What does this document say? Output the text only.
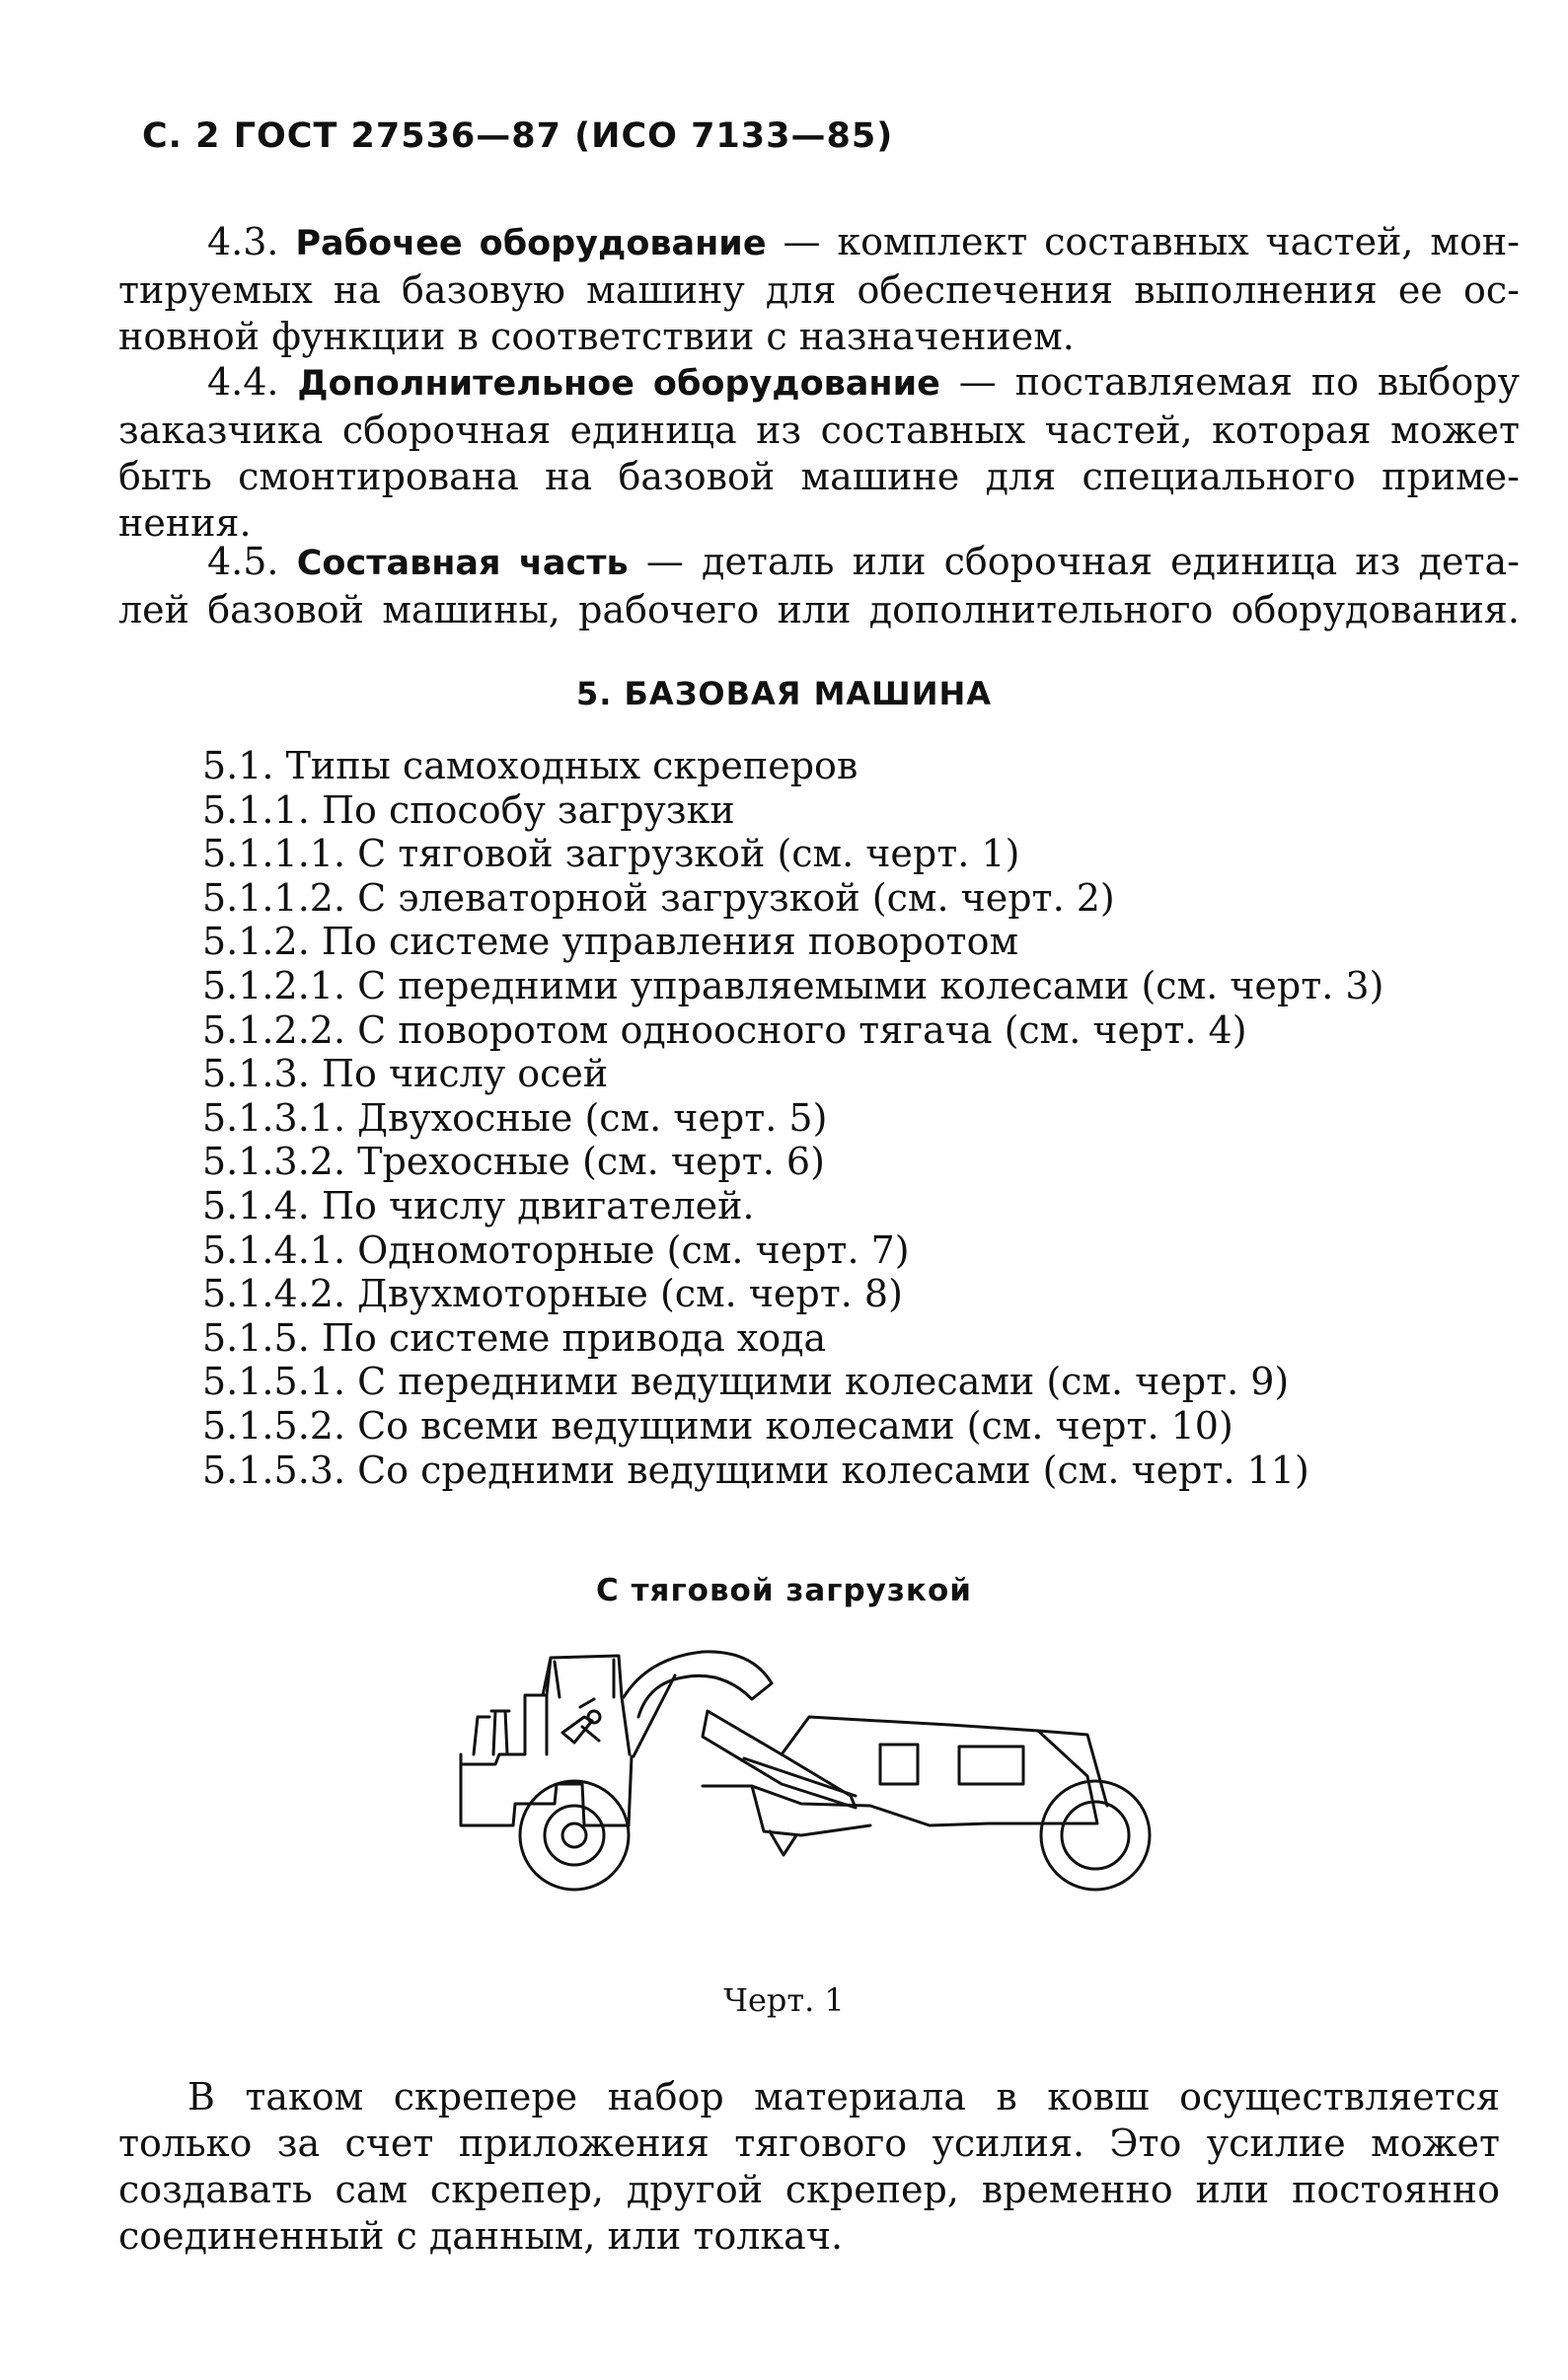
С. 2 ГОСТ 27536—87 (ИСО 7133—85)
4.3. Рабочее оборудование — комплект составных частей, мон-
тируемых на базовую машину для обеспечения выполнения ее ос-
новной функции в соответствии с назначением.
4.4. Дополнительное оборудование — поставляемая по выбору
заказчика сборочная единица из составных частей, которая может
быть смонтирована на базовой машине для специального приме-
нения.
4.5. Составная часть — деталь или сборочная единица из дета-
лей базовой машины, рабочего или дополнительного оборудования.
5. БАЗОВАЯ МАШИНА
5.1. Типы самоходных скреперов
5.1.1. По способу загрузки
5.1.1.1. С тяговой загрузкой (см. черт. 1)
5.1.1.2. С элеваторной загрузкой (см. черт. 2)
5.1.2. По системе управления поворотом
5.1.2.1. С передними управляемыми колесами (см. черт. 3)
5.1.2.2. С поворотом одноосного тягача (см. черт. 4)
5.1.3. По числу осей
5.1.3.1. Двухосные (см. черт. 5)
5.1.3.2. Трехосные (см. черт. 6)
5.1.4. По числу двигателей.
5.1.4.1. Одномоторные (см. черт. 7)
5.1.4.2. Двухмоторные (см. черт. 8)
5.1.5. По системе привода хода
5.1.5.1. С передними ведущими колесами (см. черт. 9)
5.1.5.2. Со всеми ведущими колесами (см. черт. 10)
5.1.5.3. Со средними ведущими колесами (см. черт. 11)
С тяговой загрузкой
Черт. 1
В таком скрепере набор материала в ковш осуществляется
только за счет приложения тягового усилия. Это усилие может
создавать сам скрепер, другой скрепер, временно или постоянно
соединенный с данным, или толкач.
